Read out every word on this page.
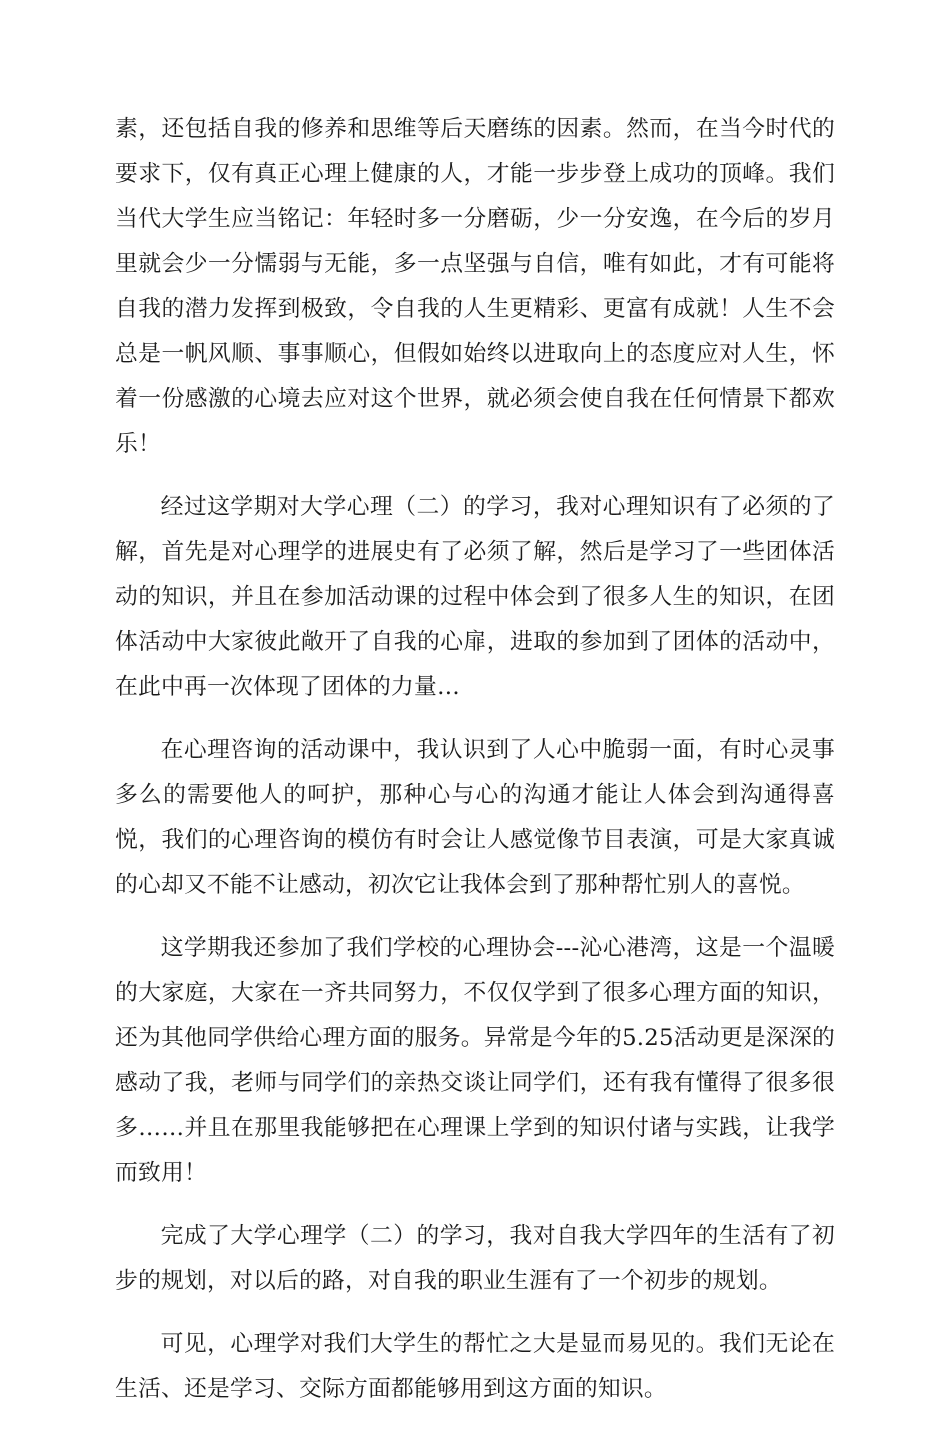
素，还包括自我的修养和思维等后天磨练的因素。然而，在当今时代的要求下，仅有真正心理上健康的人，才能一步步登上成功的顶峰。我们当代大学生应当铭记：年轻时多一分磨砺，少一分安逸，在今后的岁月里就会少一分懦弱与无能，多一点坚强与自信，唯有如此，才有可能将自我的潜力发挥到极致，令自我的人生更精彩、更富有成就！人生不会总是一帆风顺、事事顺心，但假如始终以进取向上的态度应对人生，怀着一份感激的心境去应对这个世界，就必须会使自我在任何情景下都欢乐！

经过这学期对大学心理（二）的学习，我对心理知识有了必须的了解，首先是对心理学的进展史有了必须了解，然后是学习了一些团体活动的知识，并且在参加活动课的过程中体会到了很多人生的知识，在团体活动中大家彼此敞开了自我的心扉，进取的参加到了团体的活动中，在此中再一次体现了团体的力量…

在心理咨询的活动课中，我认识到了人心中脆弱一面，有时心灵事多么的需要他人的呵护，那种心与心的沟通才能让人体会到沟通得喜悦，我们的心理咨询的模仿有时会让人感觉像节目表演，可是大家真诚的心却又不能不让感动，初次它让我体会到了那种帮忙别人的喜悦。

这学期我还参加了我们学校的心理协会---沁心港湾，这是一个温暖的大家庭，大家在一齐共同努力，不仅仅学到了很多心理方面的知识，还为其他同学供给心理方面的服务。异常是今年的5.25活动更是深深的感动了我，老师与同学们的亲热交谈让同学们，还有我有懂得了很多很多……并且在那里我能够把在心理课上学到的知识付诸与实践，让我学而致用！

完成了大学心理学（二）的学习，我对自我大学四年的生活有了初步的规划，对以后的路，对自我的职业生涯有了一个初步的规划。

可见，心理学对我们大学生的帮忙之大是显而易见的。我们无论在生活、还是学习、交际方面都能够用到这方面的知识。
